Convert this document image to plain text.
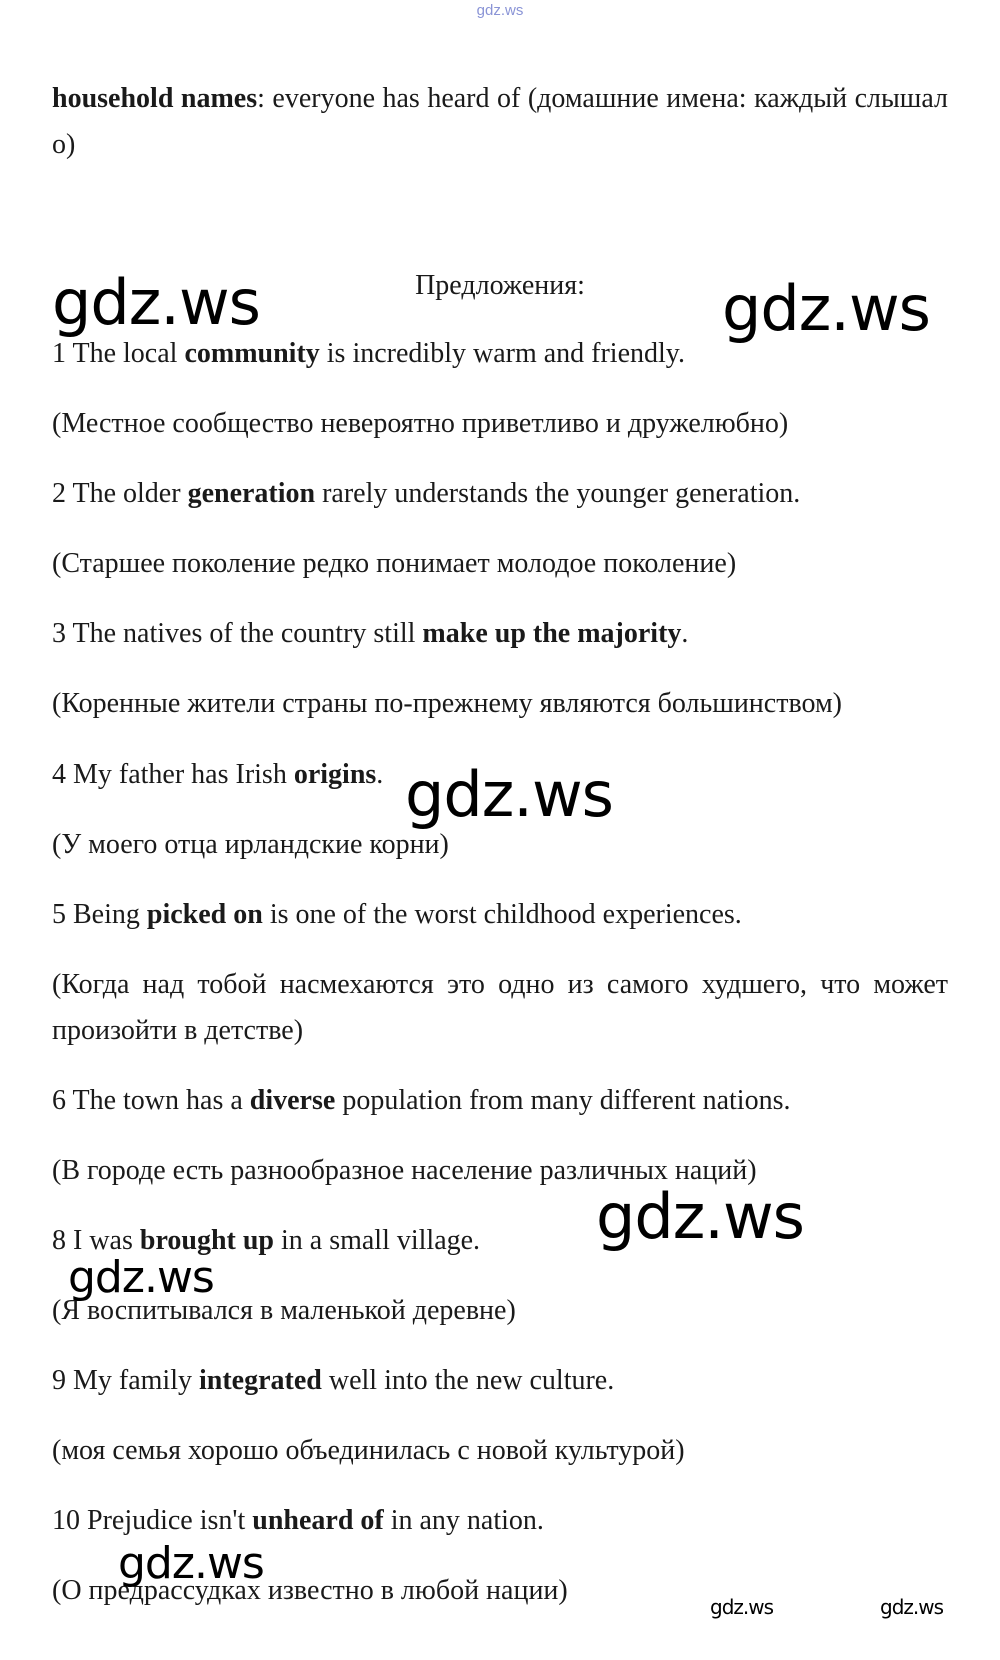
gdz.ws

household names: everyone has heard of (домашние имена: каждый слышал о)

Предложения:

1 The local community is incredibly warm and friendly.

(Местное сообщество невероятно приветливо и дружелюбно)

2 The older generation rarely understands the younger generation.

(Старшее поколение редко понимает молодое поколение)

3 The natives of the country still make up the majority.

(Коренные жители страны по-прежнему являются большинством)

4 My father has Irish origins.

(У моего отца ирландские корни)

5 Being picked on is one of the worst childhood experiences.

(Когда над тобой насмехаются это одно из самого худшего, что может произойти в детстве)

6 The town has a diverse population from many different nations.

(В городе есть разнообразное население различных наций)

8 I was brought up in a small village.

(Я воспитывался в маленькой деревне)

9 My family integrated well into the new culture.

(моя семья хорошо объединилась с новой культурой)

10 Prejudice isn't unheard of in any nation.

(О предрассудках известно в любой нации)

gdz.ws	gdz.ws
gdz.ws
gdz.ws
gdz.ws
gdz.ws
gdz.ws	gdz.ws
